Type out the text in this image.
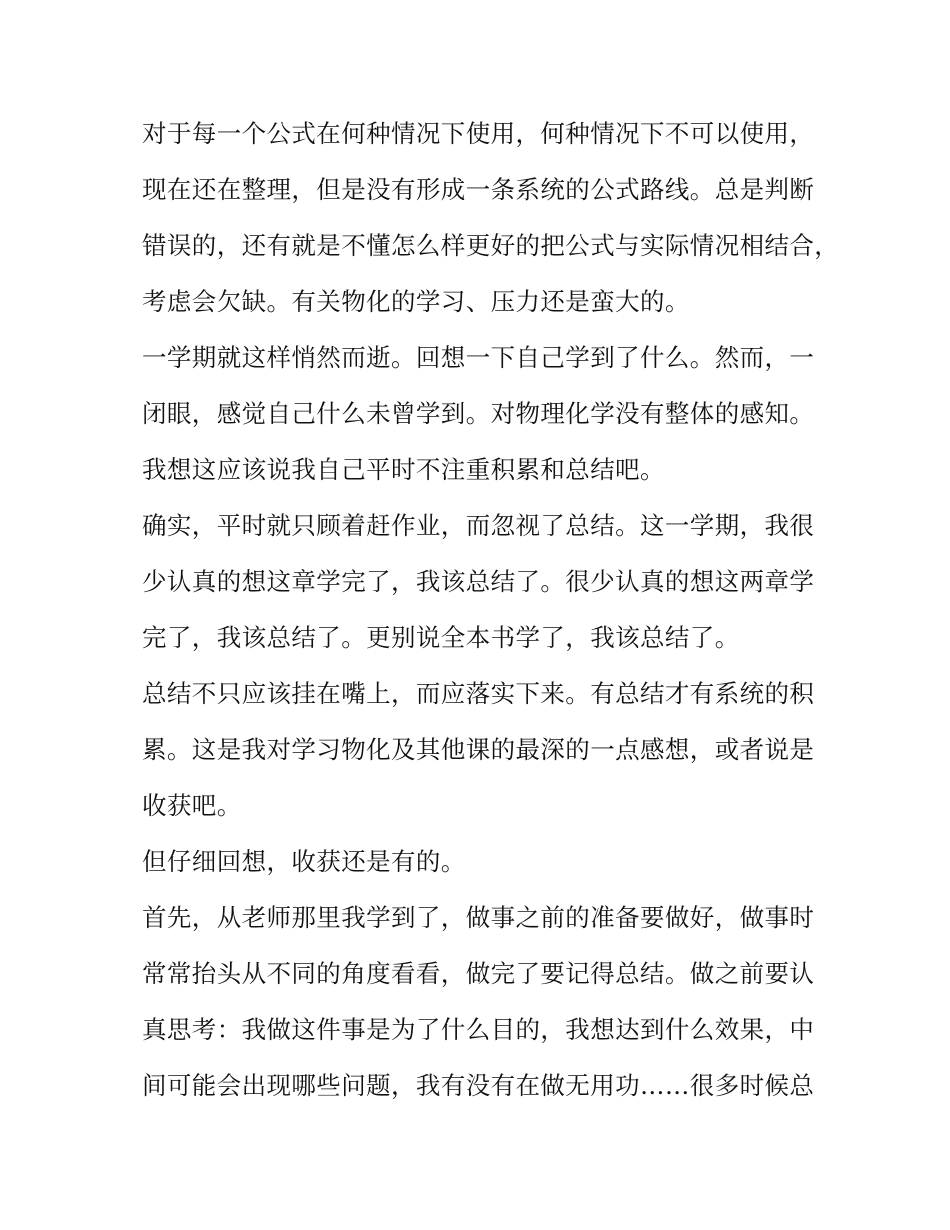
对于每一个公式在何种情况下使用，何种情况下不可以使用，
现在还在整理，但是没有形成一条系统的公式路线。总是判断
错误的，还有就是不懂怎么样更好的把公式与实际情况相结合，
考虑会欠缺。有关物化的学习、压力还是蛮大的。
一学期就这样悄然而逝。回想一下自己学到了什么。然而，一
闭眼，感觉自己什么未曾学到。对物理化学没有整体的感知。
我想这应该说我自己平时不注重积累和总结吧。
确实，平时就只顾着赶作业，而忽视了总结。这一学期，我很
少认真的想这章学完了，我该总结了。很少认真的想这两章学
完了，我该总结了。更别说全本书学了，我该总结了。
总结不只应该挂在嘴上，而应落实下来。有总结才有系统的积
累。这是我对学习物化及其他课的最深的一点感想，或者说是
收获吧。
但仔细回想，收获还是有的。
首先，从老师那里我学到了，做事之前的准备要做好，做事时
常常抬头从不同的角度看看，做完了要记得总结。做之前要认
真思考：我做这件事是为了什么目的，我想达到什么效果，中
间可能会出现哪些问题，我有没有在做无用功……很多时候总
